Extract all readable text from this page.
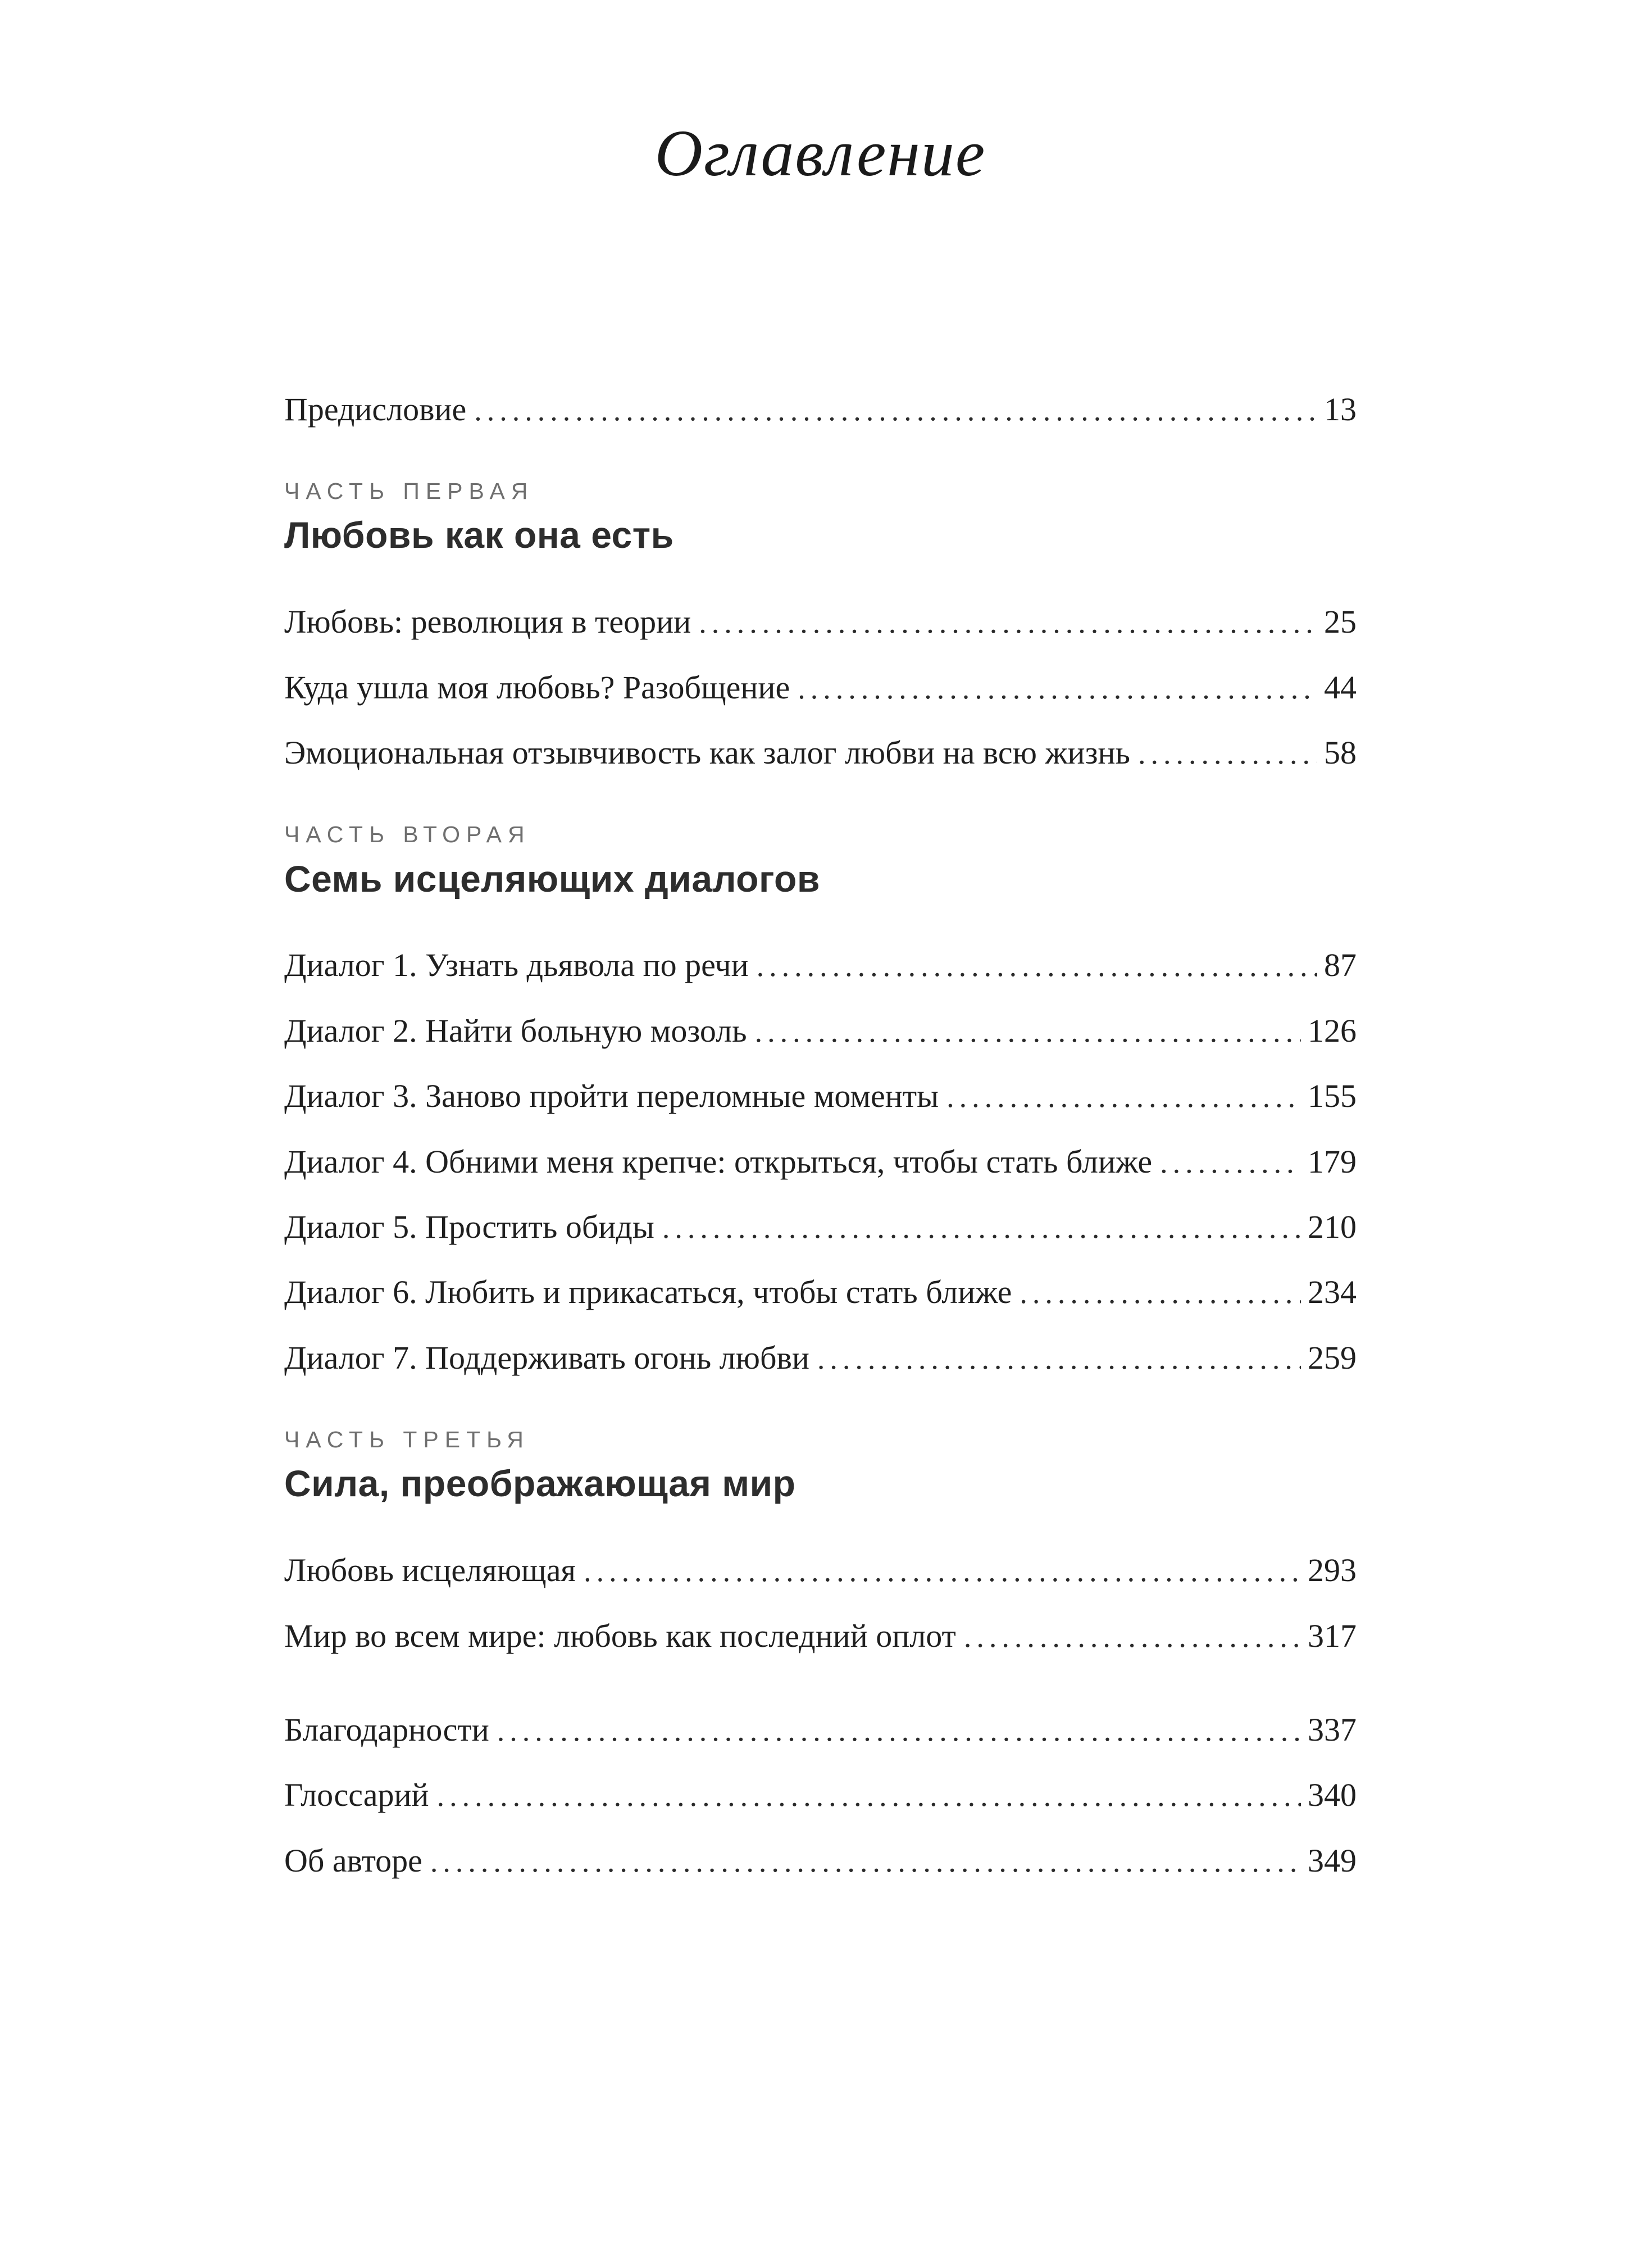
Оглавление
Предисловие .....	13
ЧАСТЬ ПЕРВАЯ
Любовь как она есть
Любовь: революция в теории .....	25
Куда ушла моя любовь? Разобщение .....	44
Эмоциональная отзывчивость как залог любви на всю жизнь .....	58
ЧАСТЬ ВТОРАЯ
Семь исцеляющих диалогов
Диалог 1. Узнать дьявола по речи .....	87
Диалог 2. Найти больную мозоль .....	126
Диалог 3. Заново пройти переломные моменты .....	155
Диалог 4. Обними меня крепче: открыться, чтобы стать ближе .....	179
Диалог 5. Простить обиды .....	210
Диалог 6. Любить и прикасаться, чтобы стать ближе .....	234
Диалог 7. Поддерживать огонь любви .....	259
ЧАСТЬ ТРЕТЬЯ
Сила, преображающая мир
Любовь исцеляющая .....	293
Мир во всем мире: любовь как последний оплот .....	317
Благодарности .....	337
Глоссарий .....	340
Об авторе .....	349
